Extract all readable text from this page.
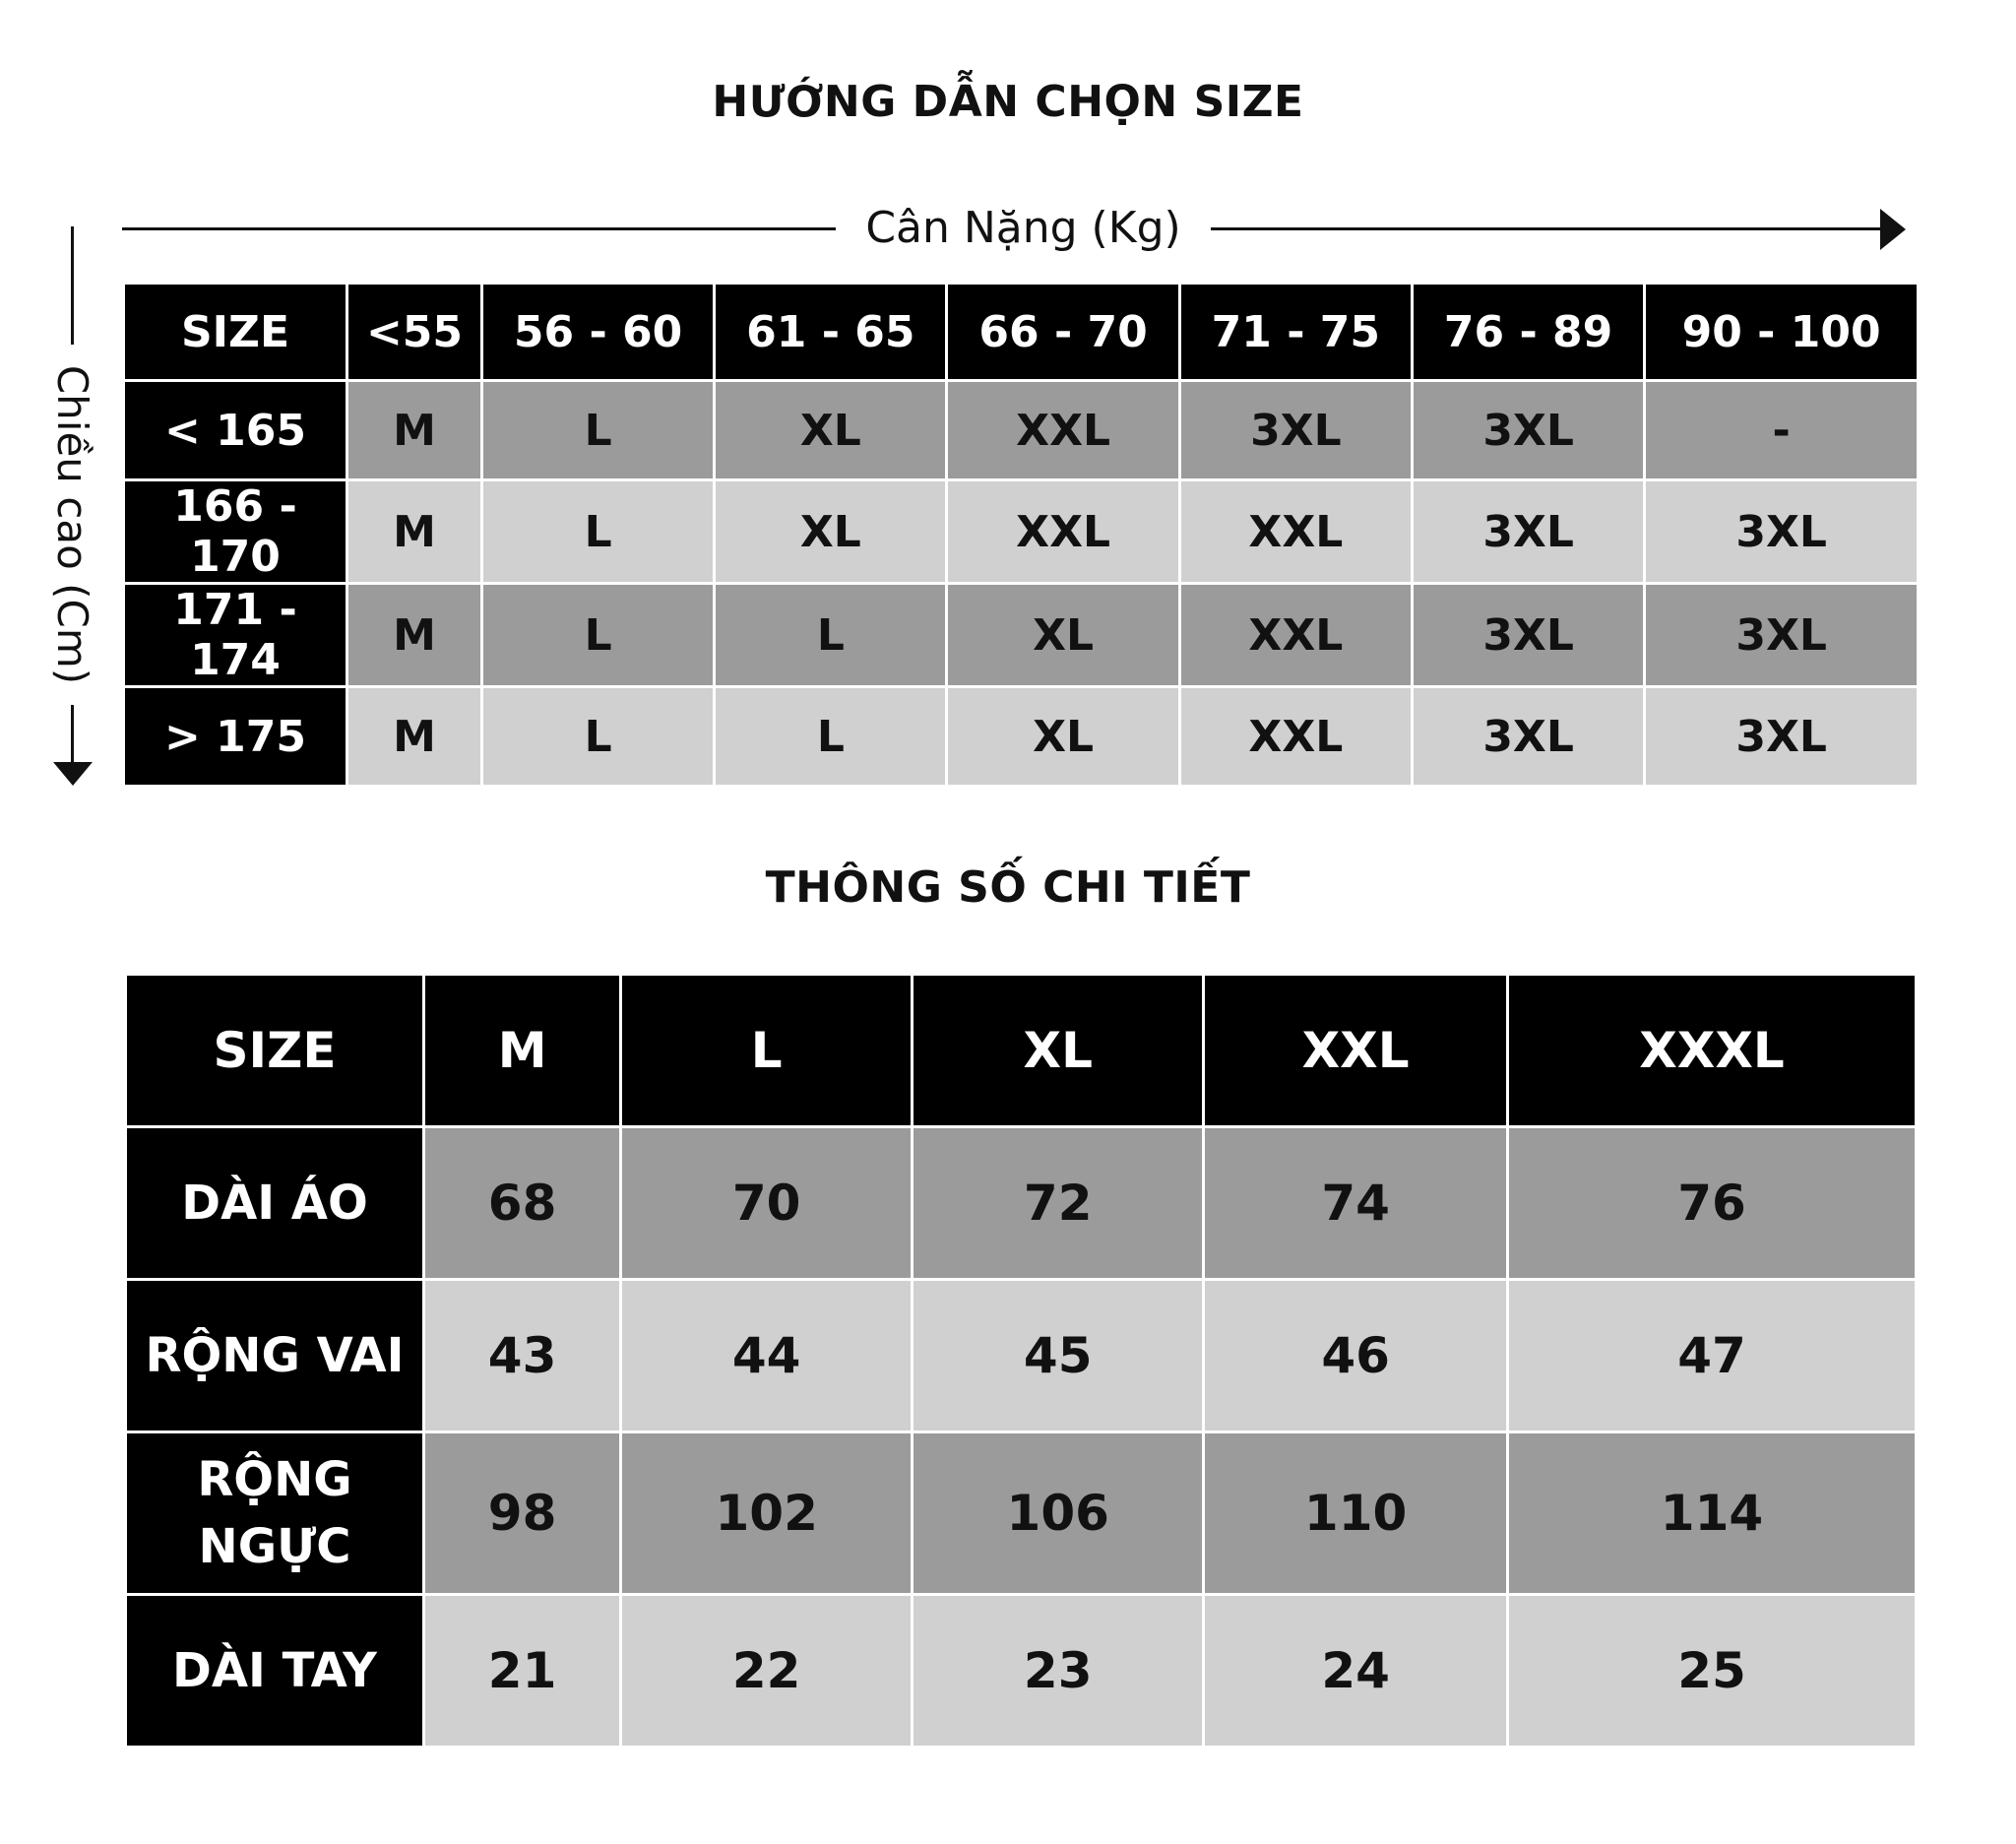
HƯỚNG DẪN CHỌN SIZE
Cân Nặng (Kg)
Chiều cao (Cm)
SIZE	<55	56 - 60	61 - 65	66 - 70	71 - 75	76 - 89	90 - 100
< 165	M	L	XL	XXL	3XL	3XL	-
166 - 170	M	L	XL	XXL	XXL	3XL	3XL
171 - 174	M	L	L	XL	XXL	3XL	3XL
> 175	M	L	L	XL	XXL	3XL	3XL
THÔNG SỐ CHI TIẾT
SIZE	M	L	XL	XXL	XXXL
DÀI ÁO	68	70	72	74	76
RỘNG VAI	43	44	45	46	47

RỘNG
NGỰC	98	102	106	110	114
DÀI TAY	21	22	23	24	25
